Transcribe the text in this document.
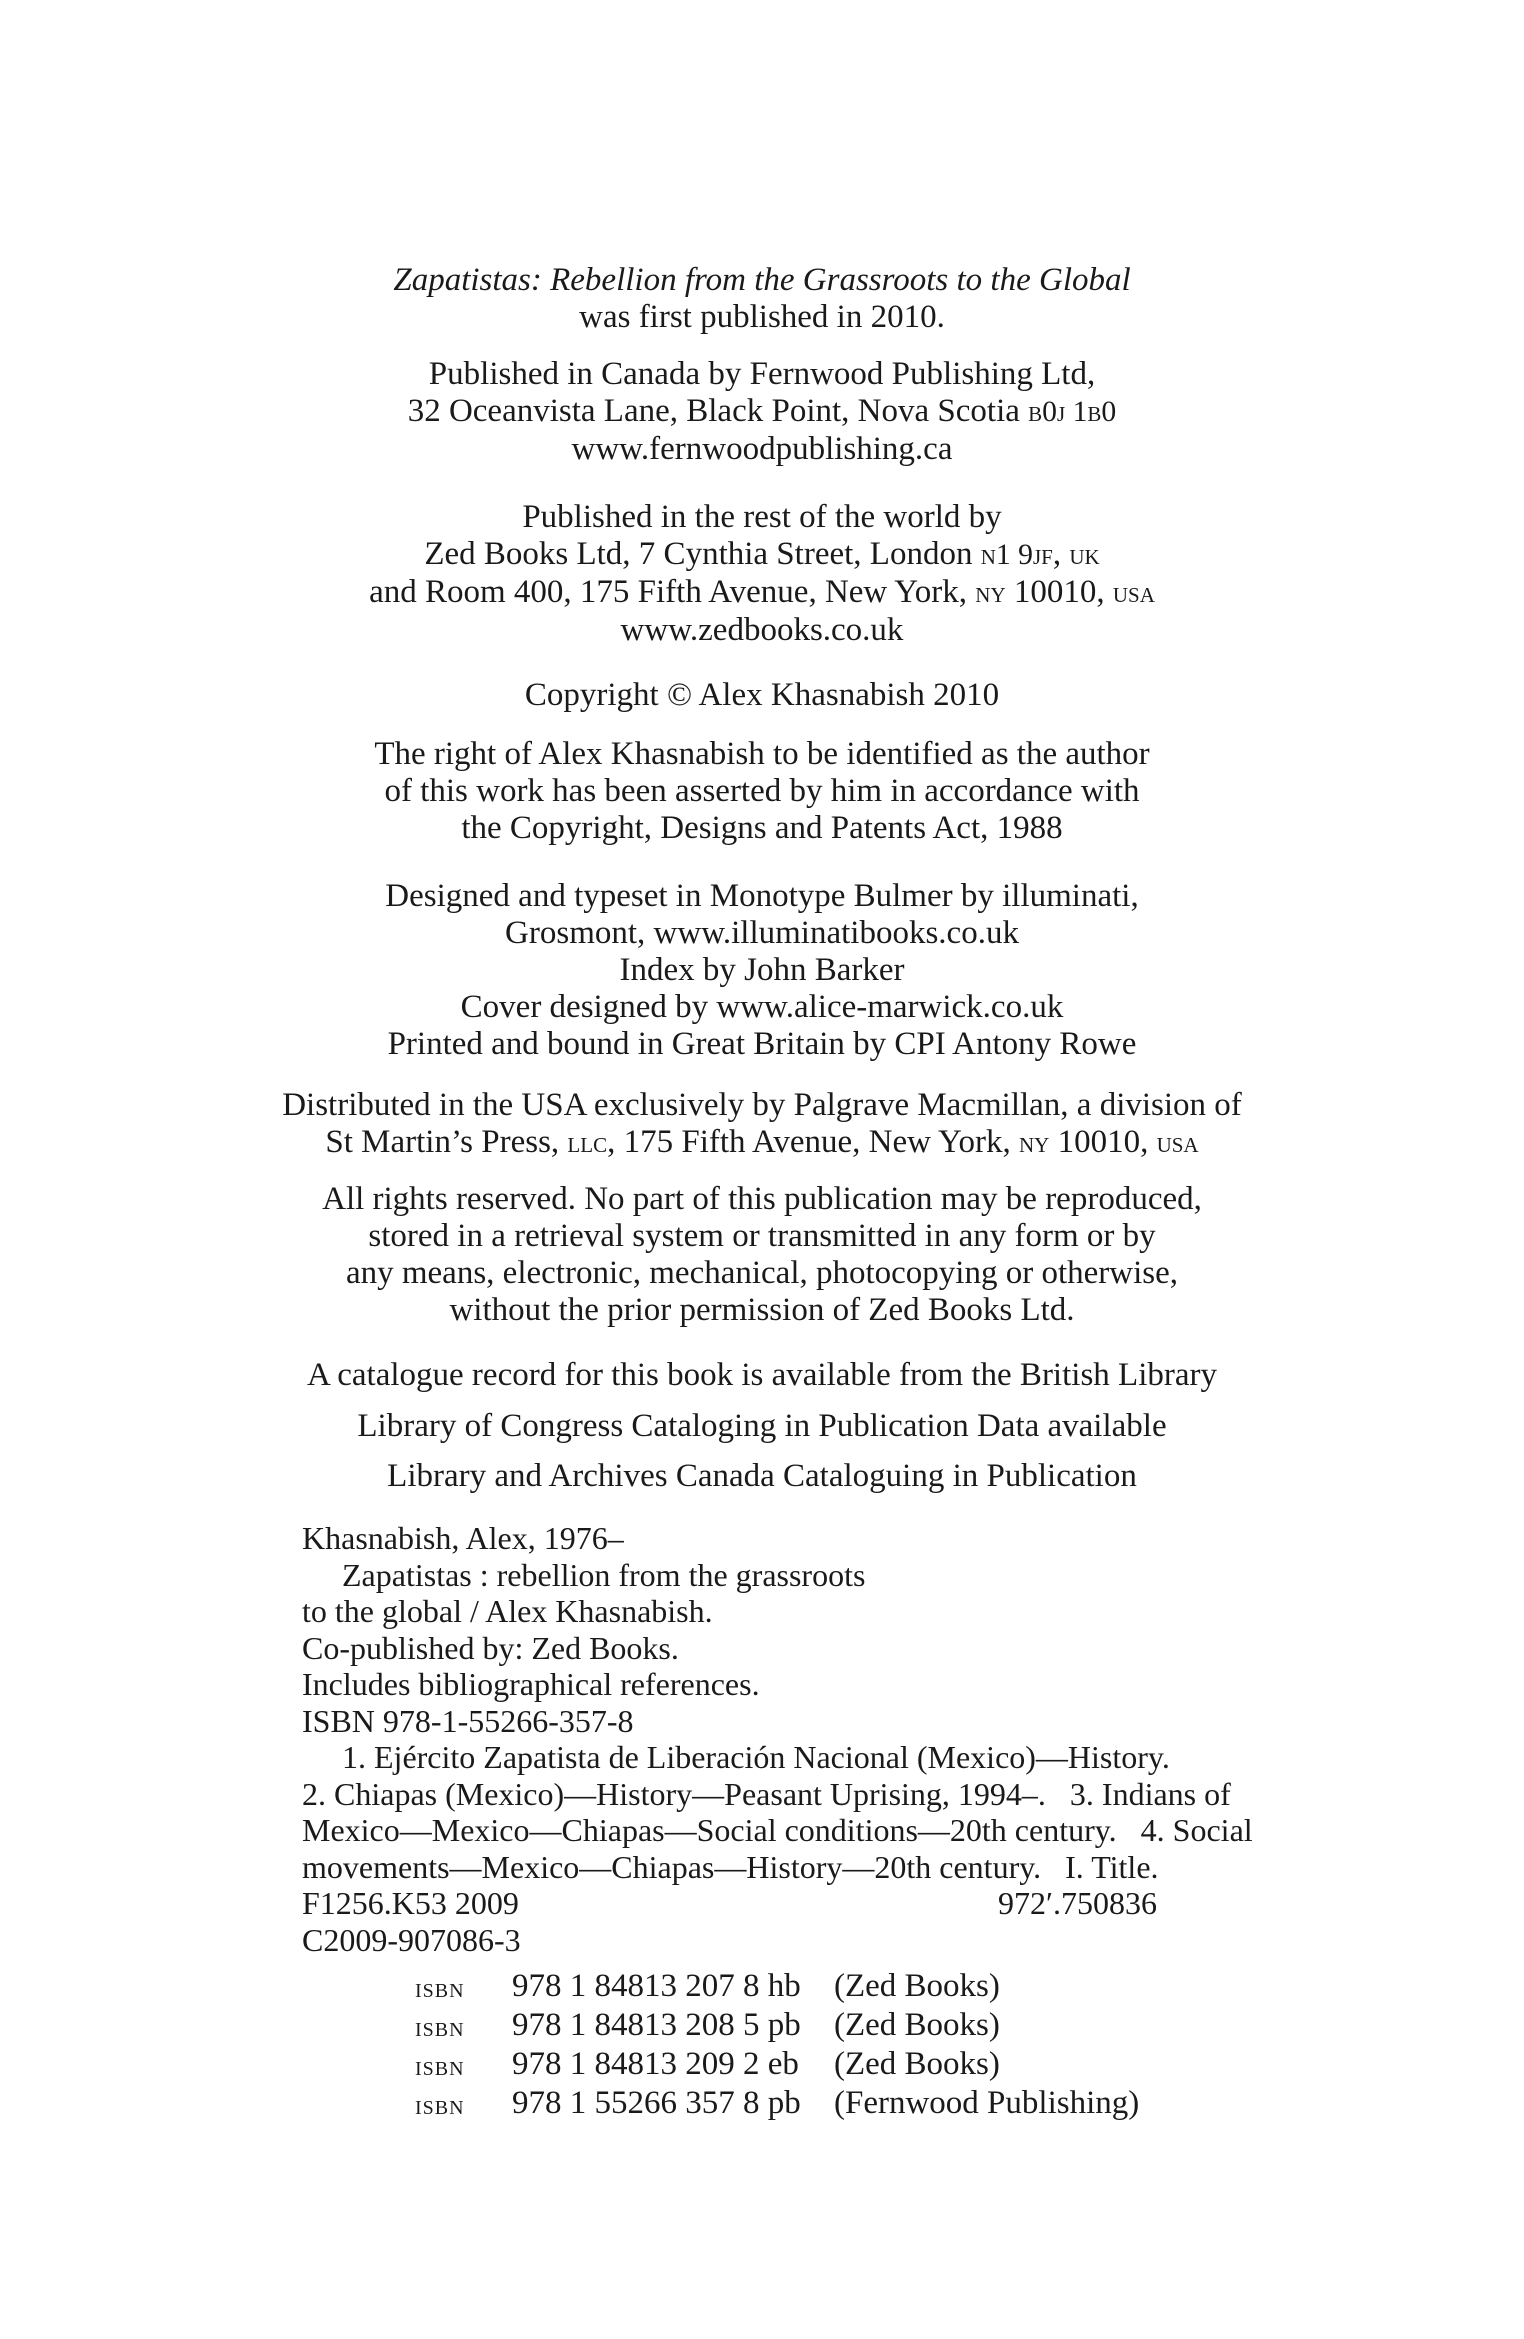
Zapatistas: Rebellion from the Grassroots to the Global
was first published in 2010.
Published in Canada by Fernwood Publishing Ltd,
32 Oceanvista Lane, Black Point, Nova Scotia b0j 1b0
www.fernwoodpublishing.ca
Published in the rest of the world by
Zed Books Ltd, 7 Cynthia Street, London n1 9jf, uk
and Room 400, 175 Fifth Avenue, New York, ny 10010, usa
www.zedbooks.co.uk
Copyright © Alex Khasnabish 2010
The right of Alex Khasnabish to be identified as the author
of this work has been asserted by him in accordance with
the Copyright, Designs and Patents Act, 1988
Designed and typeset in Monotype Bulmer by illuminati,
Grosmont, www.illuminatibooks.co.uk
Index by John Barker
Cover designed by www.alice-marwick.co.uk
Printed and bound in Great Britain by CPI Antony Rowe
Distributed in the USA exclusively by Palgrave Macmillan, a division of
St Martin’s Press, llc, 175 Fifth Avenue, New York, ny 10010, usa
All rights reserved. No part of this publication may be reproduced,
stored in a retrieval system or transmitted in any form or by
any means, electronic, mechanical, photocopying or otherwise,
without the prior permission of Zed Books Ltd.
A catalogue record for this book is available from the British Library
Library of Congress Cataloging in Publication Data available
Library and Archives Canada Cataloguing in Publication
Khasnabish, Alex, 1976–
Zapatistas : rebellion from the grassroots
to the global / Alex Khasnabish.
Co-published by: Zed Books.
Includes bibliographical references.
ISBN 978-1-55266-357-8
1. Ejército Zapatista de Liberación Nacional (Mexico)—History.
2. Chiapas (Mexico)—History—Peasant Uprising, 1994–.   3. Indians of
Mexico—Mexico—Chiapas—Social conditions—20th century.   4. Social
movements—Mexico—Chiapas—History—20th century.   I. Title.
F1256.K53 2009	972′.750836
C2009-907086-3
isbn	978 1 84813 207 8 hb	(Zed Books)
isbn	978 1 84813 208 5 pb	(Zed Books)
isbn	978 1 84813 209 2 eb	(Zed Books)
isbn	978 1 55266 357 8 pb	(Fernwood Publishing)
